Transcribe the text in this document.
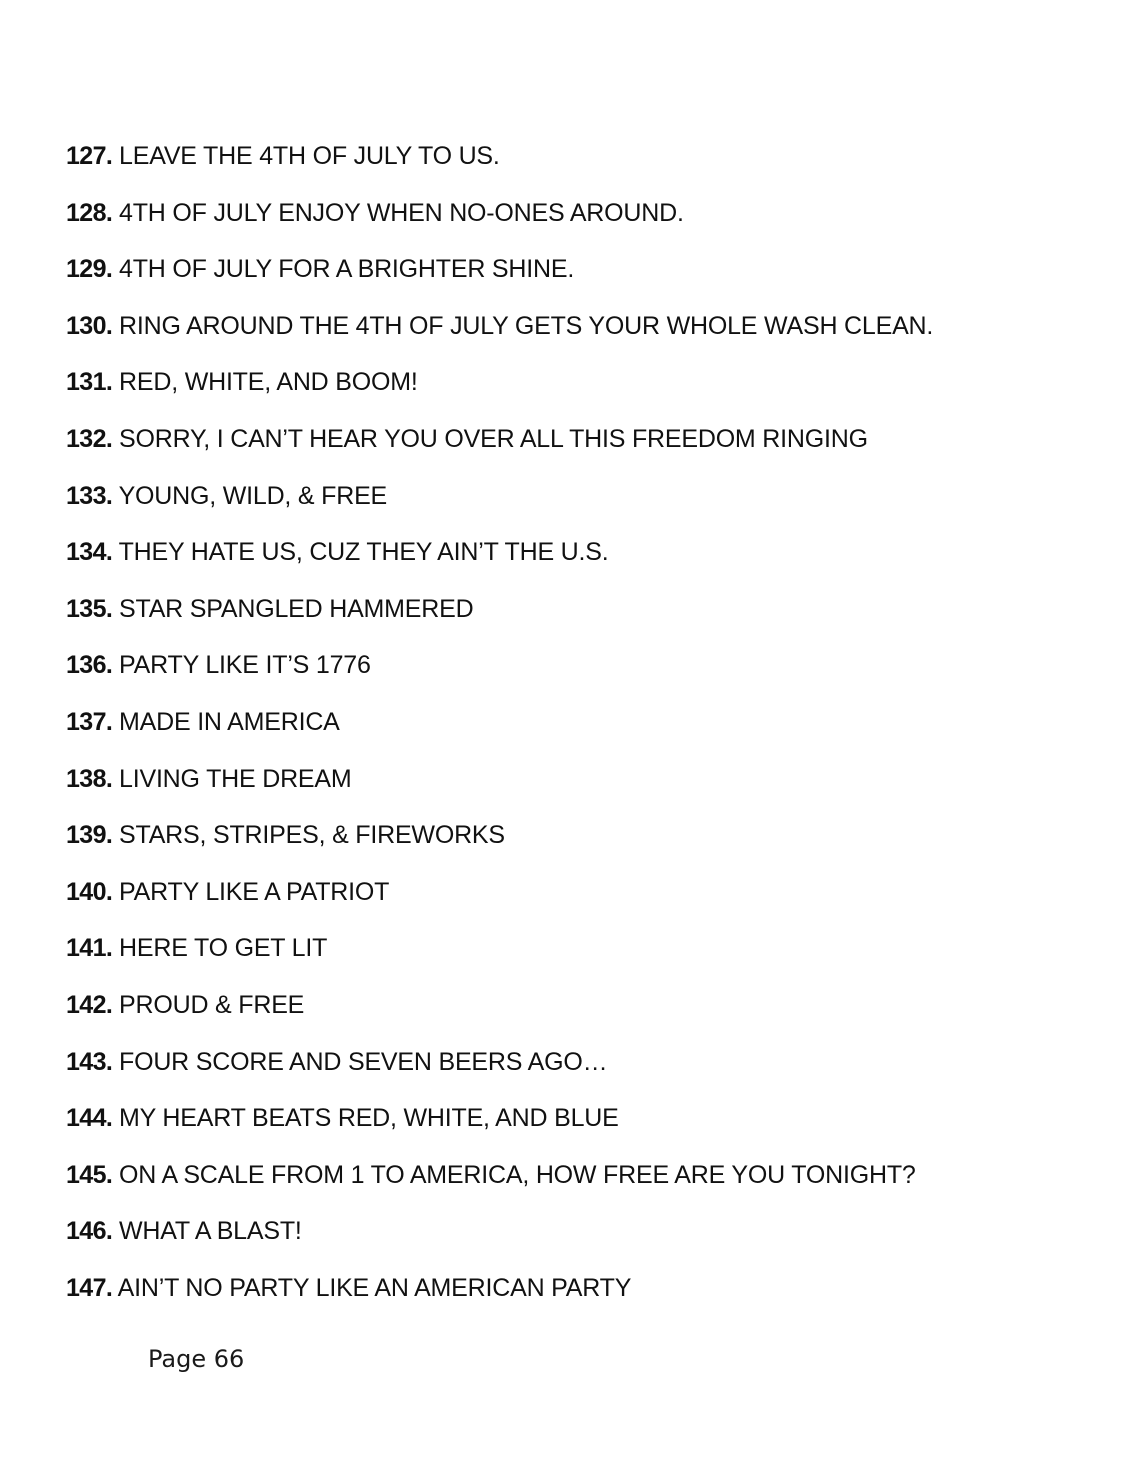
127. LEAVE THE 4TH OF JULY TO US.
128. 4TH OF JULY ENJOY WHEN NO-ONES AROUND.
129. 4TH OF JULY FOR A BRIGHTER SHINE.
130. RING AROUND THE 4TH OF JULY GETS YOUR WHOLE WASH CLEAN.
131. RED, WHITE, AND BOOM!
132. SORRY, I CAN’T HEAR YOU OVER ALL THIS FREEDOM RINGING
133. YOUNG, WILD, & FREE
134. THEY HATE US, CUZ THEY AIN’T THE U.S.
135. STAR SPANGLED HAMMERED
136. PARTY LIKE IT’S 1776
137. MADE IN AMERICA
138. LIVING THE DREAM
139. STARS, STRIPES, & FIREWORKS
140. PARTY LIKE A PATRIOT
141. HERE TO GET LIT
142. PROUD & FREE
143. FOUR SCORE AND SEVEN BEERS AGO…
144. MY HEART BEATS RED, WHITE, AND BLUE
145. ON A SCALE FROM 1 TO AMERICA, HOW FREE ARE YOU TONIGHT?
146. WHAT A BLAST!
147. AIN’T NO PARTY LIKE AN AMERICAN PARTY
Page 66
